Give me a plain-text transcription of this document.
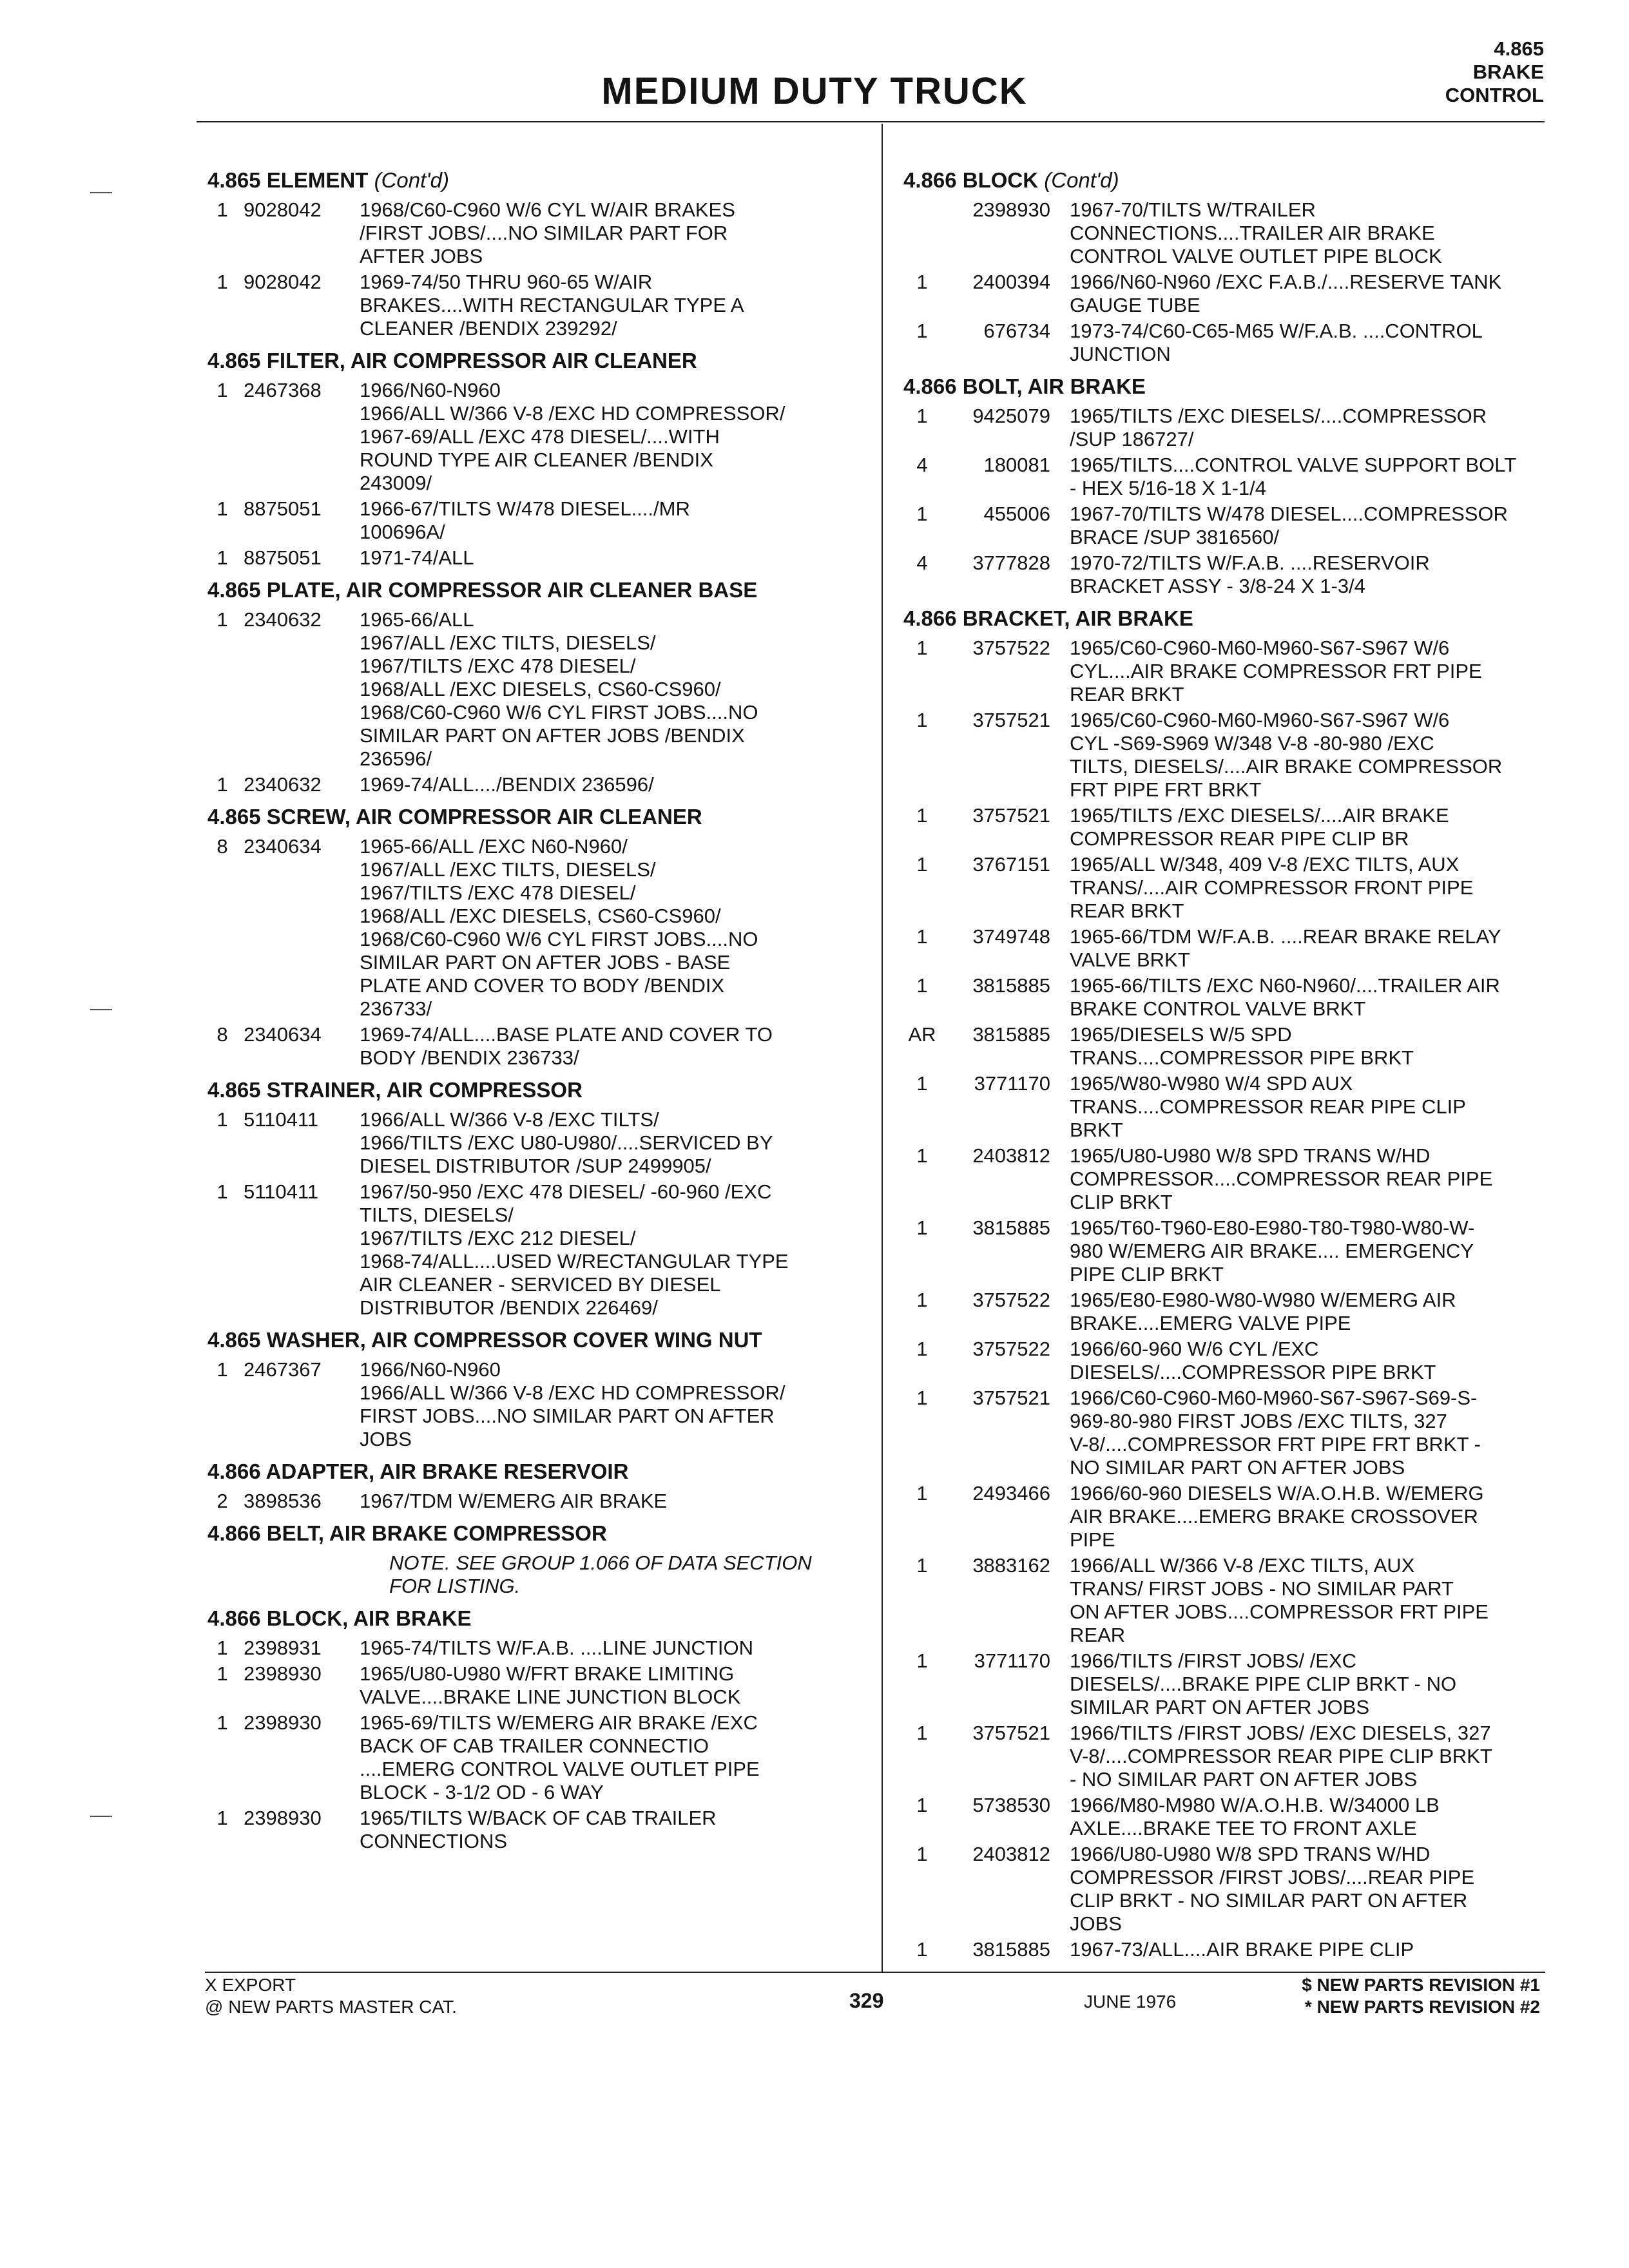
MEDIUM DUTY TRUCK
4.865
BRAKE
CONTROL
4.865 ELEMENT (Cont'd)
1 9028042	1968/C60-C960 W/6 CYL W/AIR BRAKES
/FIRST JOBS/....NO SIMILAR PART FOR
AFTER JOBS
1 9028042	1969-74/50 THRU 960-65 W/AIR
BRAKES....WITH RECTANGULAR TYPE A
CLEANER /BENDIX 239292/
4.865 FILTER, AIR COMPRESSOR AIR CLEANER
1 2467368	1966/N60-N960
1966/ALL W/366 V-8 /EXC HD COMPRESSOR/
1967-69/ALL /EXC 478 DIESEL/....WITH
ROUND TYPE AIR CLEANER /BENDIX
243009/
1 8875051	1966-67/TILTS W/478 DIESEL..../MR
100696A/
1 8875051	1971-74/ALL
4.865 PLATE, AIR COMPRESSOR AIR CLEANER BASE
1 2340632	1965-66/ALL
1967/ALL /EXC TILTS, DIESELS/
1967/TILTS /EXC 478 DIESEL/
1968/ALL /EXC DIESELS, CS60-CS960/
1968/C60-C960 W/6 CYL FIRST JOBS....NO
SIMILAR PART ON AFTER JOBS /BENDIX
236596/
1 2340632	1969-74/ALL..../BENDIX 236596/
4.865 SCREW, AIR COMPRESSOR AIR CLEANER
8 2340634	1965-66/ALL /EXC N60-N960/
1967/ALL /EXC TILTS, DIESELS/
1967/TILTS /EXC 478 DIESEL/
1968/ALL /EXC DIESELS, CS60-CS960/
1968/C60-C960 W/6 CYL FIRST JOBS....NO
SIMILAR PART ON AFTER JOBS - BASE
PLATE AND COVER TO BODY /BENDIX
236733/
8 2340634	1969-74/ALL....BASE PLATE AND COVER TO
BODY /BENDIX 236733/
4.865 STRAINER, AIR COMPRESSOR
1 5110411	1966/ALL W/366 V-8 /EXC TILTS/
1966/TILTS /EXC U80-U980/....SERVICED BY
DIESEL DISTRIBUTOR /SUP 2499905/
1 5110411	1967/50-950 /EXC 478 DIESEL/ -60-960 /EXC
TILTS, DIESELS/
1967/TILTS /EXC 212 DIESEL/
1968-74/ALL....USED W/RECTANGULAR TYPE
AIR CLEANER - SERVICED BY DIESEL
DISTRIBUTOR /BENDIX 226469/
4.865 WASHER, AIR COMPRESSOR COVER WING NUT
1 2467367	1966/N60-N960
1966/ALL W/366 V-8 /EXC HD COMPRESSOR/
FIRST JOBS....NO SIMILAR PART ON AFTER
JOBS
4.866 ADAPTER, AIR BRAKE RESERVOIR
2 3898536	1967/TDM W/EMERG AIR BRAKE
4.866 BELT, AIR BRAKE COMPRESSOR
NOTE. SEE GROUP 1.066 OF DATA SECTION
FOR LISTING.
4.866 BLOCK, AIR BRAKE
1 2398931	1965-74/TILTS W/F.A.B. ....LINE JUNCTION
1 2398930	1965/U80-U980 W/FRT BRAKE LIMITING
VALVE....BRAKE LINE JUNCTION BLOCK
1 2398930	1965-69/TILTS W/EMERG AIR BRAKE /EXC
BACK OF CAB TRAILER CONNECTIO
....EMERG CONTROL VALVE OUTLET PIPE
BLOCK - 3-1/2 OD - 6 WAY
1 2398930	1965/TILTS W/BACK OF CAB TRAILER
CONNECTIONS
4.866 BLOCK (Cont'd)
2398930 1967-70/TILTS W/TRAILER
CONNECTIONS....TRAILER AIR BRAKE
CONTROL VALVE OUTLET PIPE BLOCK
1	2400394 1966/N60-N960 /EXC F.A.B./....RESERVE TANK
GAUGE TUBE
1	676734 1973-74/C60-C65-M65 W/F.A.B. ....CONTROL
JUNCTION
4.866 BOLT, AIR BRAKE
1	9425079 1965/TILTS /EXC DIESELS/....COMPRESSOR
/SUP 186727/
4	180081 1965/TILTS....CONTROL VALVE SUPPORT BOLT
- HEX 5/16-18 X 1-1/4
1	455006 1967-70/TILTS W/478 DIESEL....COMPRESSOR
BRACE /SUP 3816560/
4	3777828 1970-72/TILTS W/F.A.B. ....RESERVOIR
BRACKET ASSY - 3/8-24 X 1-3/4
4.866 BRACKET, AIR BRAKE
1	3757522 1965/C60-C960-M60-M960-S67-S967 W/6
CYL....AIR BRAKE COMPRESSOR FRT PIPE
REAR BRKT
1	3757521 1965/C60-C960-M60-M960-S67-S967 W/6
CYL -S69-S969 W/348 V-8 -80-980 /EXC
TILTS, DIESELS/....AIR BRAKE COMPRESSOR
FRT PIPE FRT BRKT
1	3757521 1965/TILTS /EXC DIESELS/....AIR BRAKE
COMPRESSOR REAR PIPE CLIP BR
1	3767151 1965/ALL W/348, 409 V-8 /EXC TILTS, AUX
TRANS/....AIR COMPRESSOR FRONT PIPE
REAR BRKT
1	3749748 1965-66/TDM W/F.A.B. ....REAR BRAKE RELAY
VALVE BRKT
1	3815885 1965-66/TILTS /EXC N60-N960/....TRAILER AIR
BRAKE CONTROL VALVE BRKT
AR	3815885 1965/DIESELS W/5 SPD
TRANS....COMPRESSOR PIPE BRKT
1	3771170 1965/W80-W980 W/4 SPD AUX
TRANS....COMPRESSOR REAR PIPE CLIP
BRKT
1	2403812 1965/U80-U980 W/8 SPD TRANS W/HD
COMPRESSOR....COMPRESSOR REAR PIPE
CLIP BRKT
1	3815885 1965/T60-T960-E80-E980-T80-T980-W80-W-
980 W/EMERG AIR BRAKE.... EMERGENCY
PIPE CLIP BRKT
1	3757522 1965/E80-E980-W80-W980 W/EMERG AIR
BRAKE....EMERG VALVE PIPE
1	3757522 1966/60-960 W/6 CYL /EXC
DIESELS/....COMPRESSOR PIPE BRKT
1	3757521 1966/C60-C960-M60-M960-S67-S967-S69-S-
969-80-980 FIRST JOBS /EXC TILTS, 327
V-8/....COMPRESSOR FRT PIPE FRT BRKT -
NO SIMILAR PART ON AFTER JOBS
1	2493466 1966/60-960 DIESELS W/A.O.H.B. W/EMERG
AIR BRAKE....EMERG BRAKE CROSSOVER
PIPE
1	3883162 1966/ALL W/366 V-8 /EXC TILTS, AUX
TRANS/ FIRST JOBS - NO SIMILAR PART
ON AFTER JOBS....COMPRESSOR FRT PIPE
REAR
1	3771170 1966/TILTS /FIRST JOBS/ /EXC
DIESELS/....BRAKE PIPE CLIP BRKT - NO
SIMILAR PART ON AFTER JOBS
1	3757521 1966/TILTS /FIRST JOBS/ /EXC DIESELS, 327
V-8/....COMPRESSOR REAR PIPE CLIP BRKT
- NO SIMILAR PART ON AFTER JOBS
1	5738530 1966/M80-M980 W/A.O.H.B. W/34000 LB
AXLE....BRAKE TEE TO FRONT AXLE
1	2403812 1966/U80-U980 W/8 SPD TRANS W/HD
COMPRESSOR /FIRST JOBS/....REAR PIPE
CLIP BRKT - NO SIMILAR PART ON AFTER
JOBS
1	3815885 1967-73/ALL....AIR BRAKE PIPE CLIP
X EXPORT
@ NEW PARTS MASTER CAT.	329	JUNE 1976
$ NEW PARTS REVISION #1
* NEW PARTS REVISION #2
